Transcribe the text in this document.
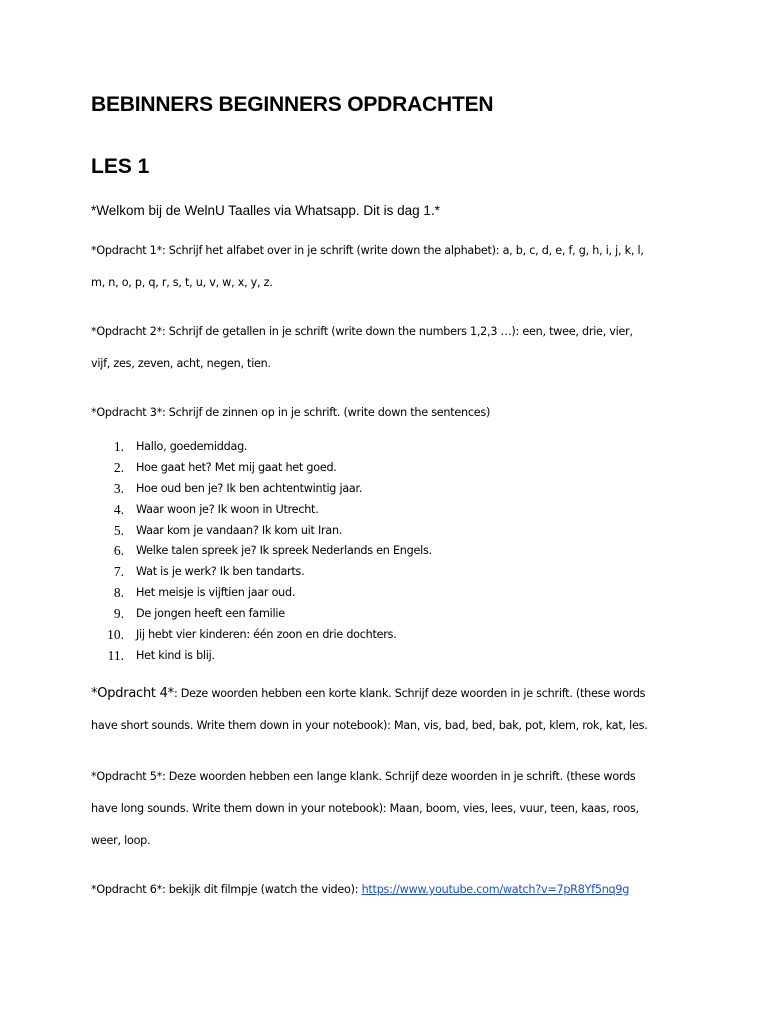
BEBINNERS BEGINNERS OPDRACHTEN
LES 1

*Welkom bij de WelnU Taalles via Whatsapp. Dit is dag 1.*

*Opdracht 1*: Schrijf het alfabet over in je schrift (write down the alphabet): a, b, c, d, e, f, g, h, i, j, k, l,
m, n, o, p, q, r, s, t, u, v, w, x, y, z.

*Opdracht 2*: Schrijf de getallen in je schrift (write down the numbers 1,2,3 …): een, twee, drie, vier,
vijf, zes, zeven, acht, negen, tien.

*Opdracht 3*: Schrijf de zinnen op in je schrift. (write down the sentences)

1. Hallo, goedemiddag.
2. Hoe gaat het? Met mij gaat het goed.
3. Hoe oud ben je? Ik ben achtentwintig jaar.
4. Waar woon je? Ik woon in Utrecht.
5. Waar kom je vandaan? Ik kom uit Iran.
6. Welke talen spreek je? Ik spreek Nederlands en Engels.
7. Wat is je werk? Ik ben tandarts.
8. Het meisje is vijftien jaar oud.
9. De jongen heeft een familie
10. Jij hebt vier kinderen: één zoon en drie dochters.
11. Het kind is blij.

*Opdracht 4*: Deze woorden hebben een korte klank. Schrijf deze woorden in je schrift. (these words
have short sounds. Write them down in your notebook): Man, vis, bad, bed, bak, pot, klem, rok, kat, les.

*Opdracht 5*: Deze woorden hebben een lange klank. Schrijf deze woorden in je schrift. (these words
have long sounds. Write them down in your notebook): Maan, boom, vies, lees, vuur, teen, kaas, roos,
weer, loop.

*Opdracht 6*: bekijk dit filmpje (watch the video): https://www.youtube.com/watch?v=7pR8Yf5nq9g
